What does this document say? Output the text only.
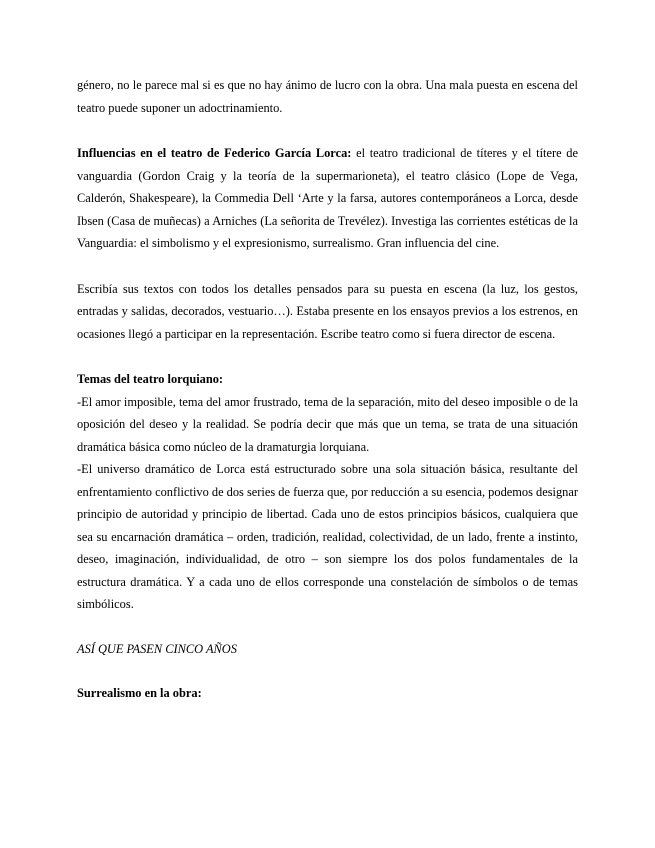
género, no le parece mal si es que no hay ánimo de lucro con la obra. Una mala puesta en escena del teatro puede suponer un adoctrinamiento.

Influencias en el teatro de Federico García Lorca: el teatro tradicional de títeres y el títere de vanguardia (Gordon Craig y la teoría de la supermarioneta), el teatro clásico (Lope de Vega, Calderón, Shakespeare), la Commedia Dell ‘Arte y la farsa, autores contemporáneos a Lorca, desde Ibsen (Casa de muñecas) a Arniches (La señorita de Trevélez). Investiga las corrientes estéticas de la Vanguardia: el simbolismo y el expresionismo, surrealismo. Gran influencia del cine.

Escribía sus textos con todos los detalles pensados para su puesta en escena (la luz, los gestos, entradas y salidas, decorados, vestuario…). Estaba presente en los ensayos previos a los estrenos, en ocasiones llegó a participar en la representación. Escribe teatro como si fuera director de escena.

Temas del teatro lorquiano:

-El amor imposible, tema del amor frustrado, tema de la separación, mito del deseo imposible o de la oposición del deseo y la realidad. Se podría decir que más que un tema, se trata de una situación dramática básica como núcleo de la dramaturgia lorquiana.

-El universo dramático de Lorca está estructurado sobre una sola situación básica, resultante del enfrentamiento conflictivo de dos series de fuerza que, por reducción a su esencia, podemos designar principio de autoridad y principio de libertad. Cada uno de estos principios básicos, cualquiera que sea su encarnación dramática – orden, tradición, realidad, colectividad, de un lado, frente a instinto, deseo, imaginación, individualidad, de otro – son siempre los dos polos fundamentales de la estructura dramática. Y a cada uno de ellos corresponde una constelación de símbolos o de temas simbólicos.

ASÍ QUE PASEN CINCO AÑOS

Surrealismo en la obra:
